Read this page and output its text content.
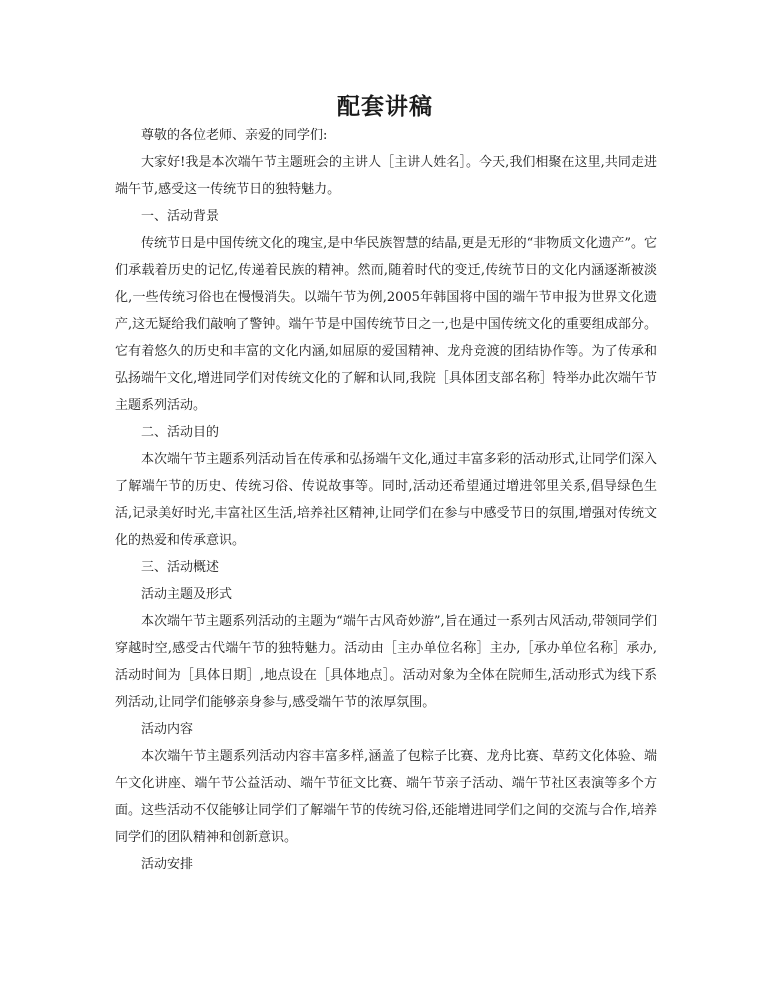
配套讲稿

尊敬的各位老师、亲爱的同学们:

大家好!我是本次端午节主题班会的主讲人［主讲人姓名］。今天,我们相聚在这里,共同走进端午节,感受这一传统节日的独特魅力。

一、活动背景

传统节日是中国传统文化的瑰宝,是中华民族智慧的结晶,更是无形的“非物质文化遗产”。它们承载着历史的记忆,传递着民族的精神。然而,随着时代的变迁,传统节日的文化内涵逐渐被淡化,一些传统习俗也在慢慢消失。以端午节为例,2005年韩国将中国的端午节申报为世界文化遗产,这无疑给我们敲响了警钟。端午节是中国传统节日之一,也是中国传统文化的重要组成部分。它有着悠久的历史和丰富的文化内涵,如屈原的爱国精神、龙舟竞渡的团结协作等。为了传承和弘扬端午文化,增进同学们对传统文化的了解和认同,我院［具体团支部名称］特举办此次端午节主题系列活动。

二、活动目的

本次端午节主题系列活动旨在传承和弘扬端午文化,通过丰富多彩的活动形式,让同学们深入了解端午节的历史、传统习俗、传说故事等。同时,活动还希望通过增进邻里关系,倡导绿色生活,记录美好时光,丰富社区生活,培养社区精神,让同学们在参与中感受节日的氛围,增强对传统文化的热爱和传承意识。

三、活动概述

活动主题及形式

本次端午节主题系列活动的主题为“端午古风奇妙游”,旨在通过一系列古风活动,带领同学们穿越时空,感受古代端午节的独特魅力。活动由［主办单位名称］主办,［承办单位名称］承办,活动时间为［具体日期］,地点设在［具体地点］。活动对象为全体在院师生,活动形式为线下系列活动,让同学们能够亲身参与,感受端午节的浓厚氛围。

活动内容

本次端午节主题系列活动内容丰富多样,涵盖了包粽子比赛、龙舟比赛、草药文化体验、端午文化讲座、端午节公益活动、端午节征文比赛、端午节亲子活动、端午节社区表演等多个方面。这些活动不仅能够让同学们了解端午节的传统习俗,还能增进同学们之间的交流与合作,培养同学们的团队精神和创新意识。

活动安排
